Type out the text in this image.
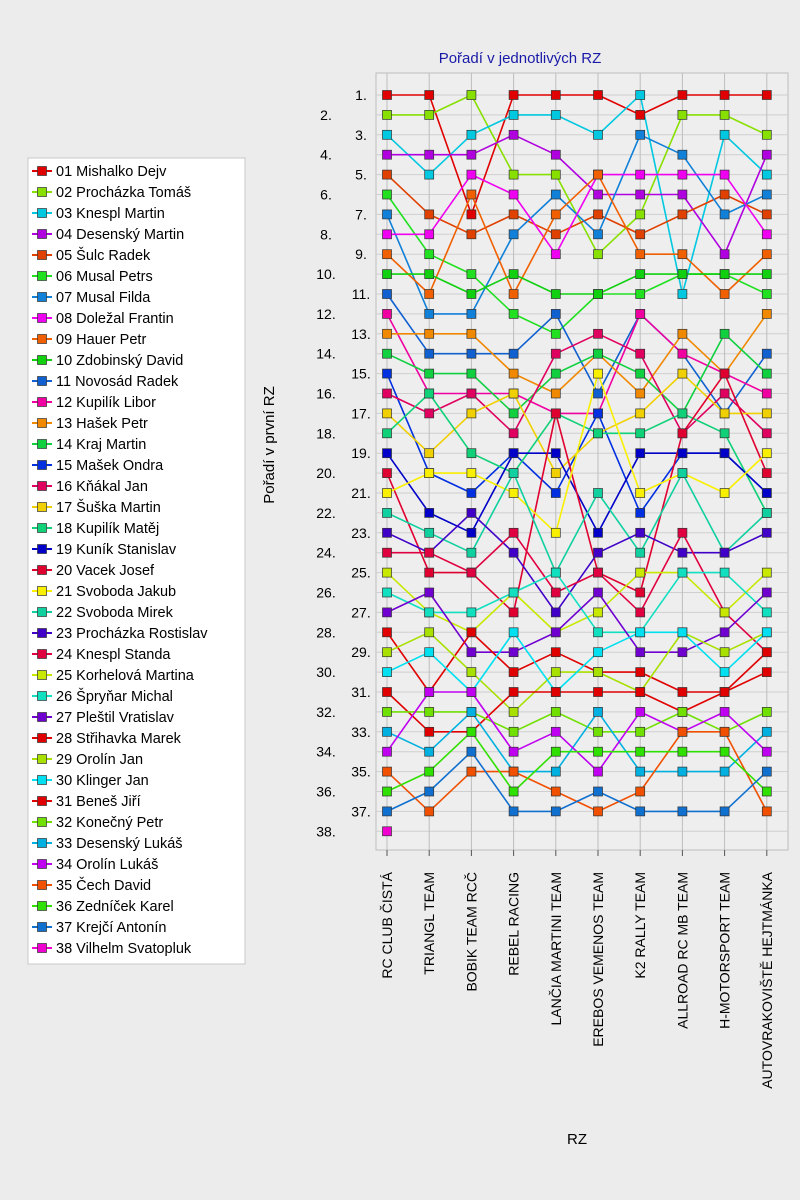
01 Mishalko Dejv
02 Procházka Tomáš
03 Knespl Martin
04 Desenský Martin
05 Šulc Radek
06 Musal Petrs
07 Musal Filda
08 Doležal Frantin
09 Hauer Petr
10 Zdobinský David
11 Novosád Radek
12 Kupilík Libor
13 Hašek Petr
14 Kraj Martin
15 Mašek Ondra
16 Kňákal Jan
17 Šuška Martin
18 Kupilík Matěj
19 Kuník Stanislav
20 Vacek Josef
21 Svoboda Jakub
22 Svoboda Mirek
23 Procházka Rostislav
24 Knespl Standa
25 Korhelová Martina
26 Špryňar Michal
27 Pleštil Vratislav
28 Střihavka Marek
29 Orolín Jan
30 Klinger Jan
31 Beneš Jiří
32 Konečný Petr
33 Desenský Lukáš
34 Orolín Lukáš
35 Čech David
36 Zedníček Karel
37 Krejčí Antonín
38 Vilhelm Svatopluk
1.
2.
3.
4.
5.
6.
7.
8.
9.
10.
11.
12.
13.
14.
15.
16.
17.
18.
19.
20.
21.
22.
23.
24.
25.
26.
27.
28.
29.
30.
31.
32.
33.
34.
35.
36.
37.
38.
RC CLUB ČISTÁ TRIANGL TEAM BOBIK TEAM RCČ REBEL RACING LANČIA MARTINI TEAM EREBOS VEMENOS TEAM K2 RALLY TEAM ALLROAD RC MB TEAM H-MOTORSPORT TEAM AUTOVRAKOVIŠTĚ HEJTMÁNKA
Pořadí v jednotlivých RZ
Pořadí v první RZ
RZ
